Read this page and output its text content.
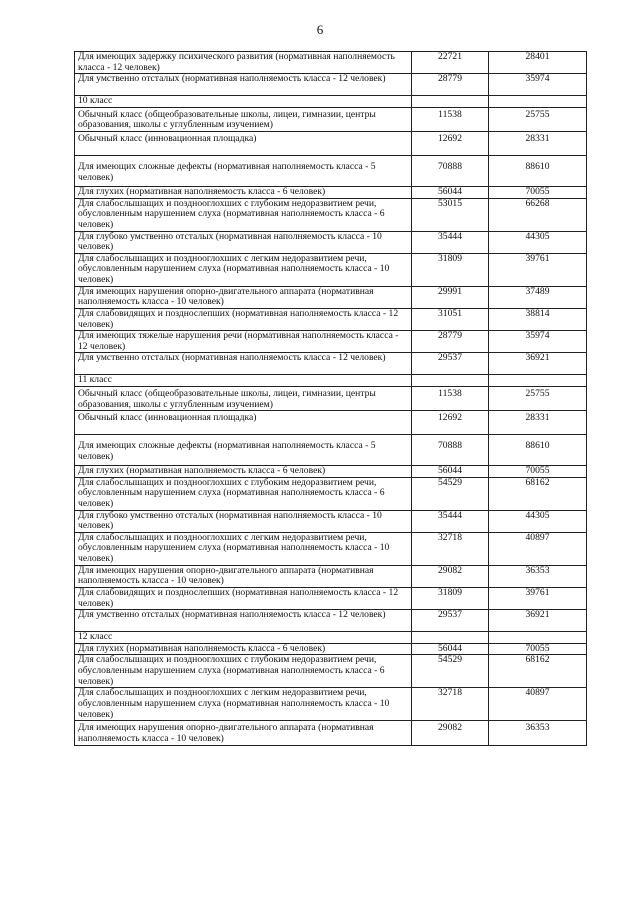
6
Для имеющих задержку психического развития (нормативная наполняемость класса - 12 человек)	22721	28401
Для умственно отсталых (нормативная наполняемость класса - 12 человек)	28779	35974
10 класс		
Обычный класс (общеобразовательные школы, лицеи, гимназии, центры образования, школы с углубленным изучением)	11538	25755
Обычный класс (инновационная площадка)	12692	28331
Для имеющих сложные дефекты (нормативная наполняемость класса - 5 человек)	70888	88610
Для глухих (нормативная наполняемость класса - 6 человек)	56044	70055
Для слабослышащих и позднооглохших с глубоким недоразвитием речи, обусловленным нарушением слуха (нормативная наполняемость класса - 6 человек)	53015	66268
Для глубоко умственно отсталых (нормативная наполняемость класса - 10 человек)	35444	44305
Для слабослышащих и позднооглохших с легким недоразвитием речи, обусловленным нарушением слуха (нормативная наполняемость класса - 10 человек)	31809	39761
Для имеющих нарушения опорно-двигательного аппарата (нормативная наполняемость класса - 10 человек)	29991	37489
Для слабовидящих и позднослепших (нормативная наполняемость класса - 12 человек)	31051	38814
Для имеющих тяжелые нарушения речи (нормативная наполняемость класса - 12 человек)	28779	35974
Для умственно отсталых (нормативная наполняемость класса - 12 человек)	29537	36921
11 класс		
Обычный класс (общеобразовательные школы, лицеи, гимназии, центры образования, школы с углубленным изучением)	11538	25755
Обычный класс (инновационная площадка)	12692	28331
Для имеющих сложные дефекты (нормативная наполняемость класса - 5 человек)	70888	88610
Для глухих (нормативная наполняемость класса - 6 человек)	56044	70055
Для слабослышащих и позднооглохших с глубоким недоразвитием речи, обусловленным нарушением слуха (нормативная наполняемость класса - 6 человек)	54529	68162
Для глубоко умственно отсталых (нормативная наполняемость класса - 10 человек)	35444	44305
Для слабослышащих и позднооглохших с легким недоразвитием речи, обусловленным нарушением слуха (нормативная наполняемость класса - 10 человек)	32718	40897
Для имеющих нарушения опорно-двигательного аппарата (нормативная наполняемость класса - 10 человек)	29082	36353
Для слабовидящих и позднослепших (нормативная наполняемость класса - 12 человек)	31809	39761
Для умственно отсталых (нормативная наполняемость класса - 12 человек)	29537	36921
12 класс		
Для глухих (нормативная наполняемость класса - 6 человек)	56044	70055
Для слабослышащих и позднооглохших с глубоким недоразвитием речи, обусловленным нарушением слуха (нормативная наполняемость класса - 6 человек)	54529	68162
Для слабослышащих и позднооглохших с легким недоразвитием речи, обусловленным нарушением слуха (нормативная наполняемость класса - 10 человек)	32718	40897
Для имеющих нарушения опорно-двигательного аппарата (нормативная наполняемость класса - 10 человек)	29082	36353
